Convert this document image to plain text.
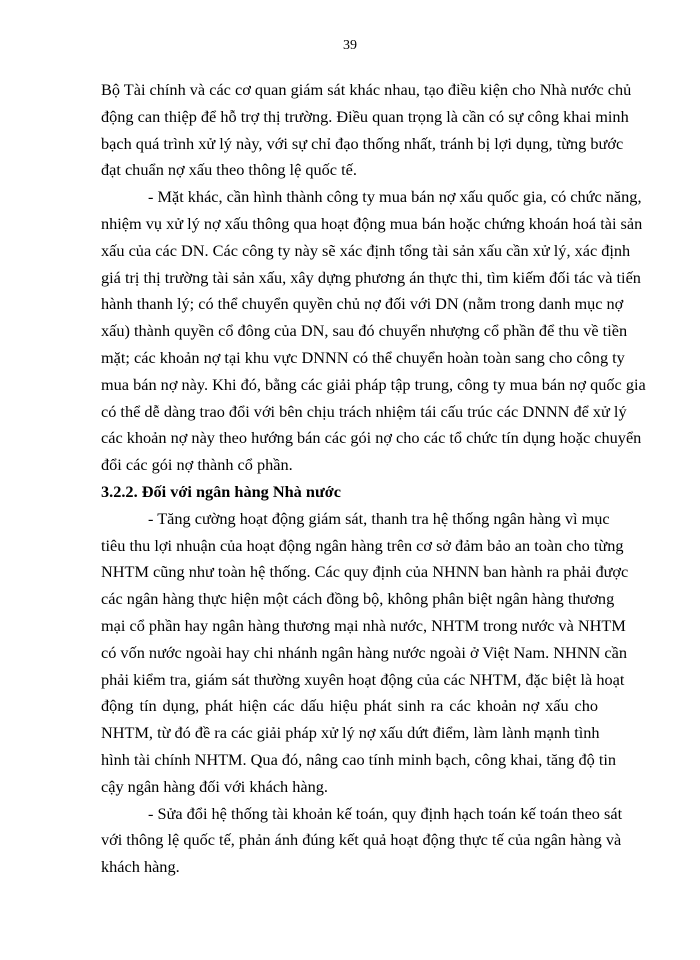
39
Bộ Tài chính và các cơ quan giám sát khác nhau, tạo điều kiện cho Nhà nước chủ
động can thiệp để hỗ trợ thị trường. Điều quan trọng là cần có sự công khai minh
bạch quá trình xử lý này, với sự chỉ đạo thống nhất, tránh bị lợi dụng, từng bước
đạt chuẩn nợ xấu theo thông lệ quốc tế.
- Mặt khác, cần hình thành công ty mua bán nợ xấu quốc gia, có chức năng,
nhiệm vụ xử lý nợ xấu thông qua hoạt động mua bán hoặc chứng khoán hoá tài sản
xấu của các DN. Các công ty này sẽ xác định tổng tài sản xấu cần xử lý, xác định
giá trị thị trường tài sản xấu, xây dựng phương án thực thi, tìm kiếm đối tác và tiến
hành thanh lý; có thể chuyển quyền chủ nợ đối với DN (nằm trong danh mục nợ
xấu) thành quyền cổ đông của DN, sau đó chuyển nhượng cổ phần để thu về tiền
mặt; các khoản nợ tại khu vực DNNN có thể chuyển hoàn toàn sang cho công ty
mua bán nợ này. Khi đó, bằng các giải pháp tập trung, công ty mua bán nợ quốc gia
có thể dễ dàng trao đổi với bên chịu trách nhiệm tái cấu trúc các DNNN để xử lý
các khoản nợ này theo hướng bán các gói nợ cho các tổ chức tín dụng hoặc chuyển
đổi các gói nợ thành cổ phần.
3.2.2. Đối với ngân hàng Nhà nước
- Tăng cường hoạt động giám sát, thanh tra hệ thống ngân hàng vì mục
tiêu thu lợi nhuận của hoạt động ngân hàng trên cơ sở đảm bảo an toàn cho từng
NHTM cũng như toàn hệ thống. Các quy định của NHNN ban hành ra phải được
các ngân hàng thực hiện một cách đồng bộ, không phân biệt ngân hàng thương
mại cổ phần hay ngân hàng thương mại nhà nước, NHTM trong nước và NHTM
có vốn nước ngoài hay chi nhánh ngân hàng nước ngoài ở Việt Nam. NHNN cần
phải kiểm tra, giám sát thường xuyên hoạt động của các NHTM, đặc biệt là hoạt
động tín dụng, phát hiện các dấu hiệu phát sinh ra các khoản nợ xấu cho
NHTM, từ đó đề ra các giải pháp xử lý nợ xấu dứt điểm, làm lành mạnh tình
hình tài chính NHTM. Qua đó, nâng cao tính minh bạch, công khai, tăng độ tin
cậy ngân hàng đối với khách hàng.
- Sửa đổi hệ thống tài khoản kế toán, quy định hạch toán kế toán theo sát
với thông lệ quốc tế, phản ánh đúng kết quả hoạt động thực tế của ngân hàng và
khách hàng.
